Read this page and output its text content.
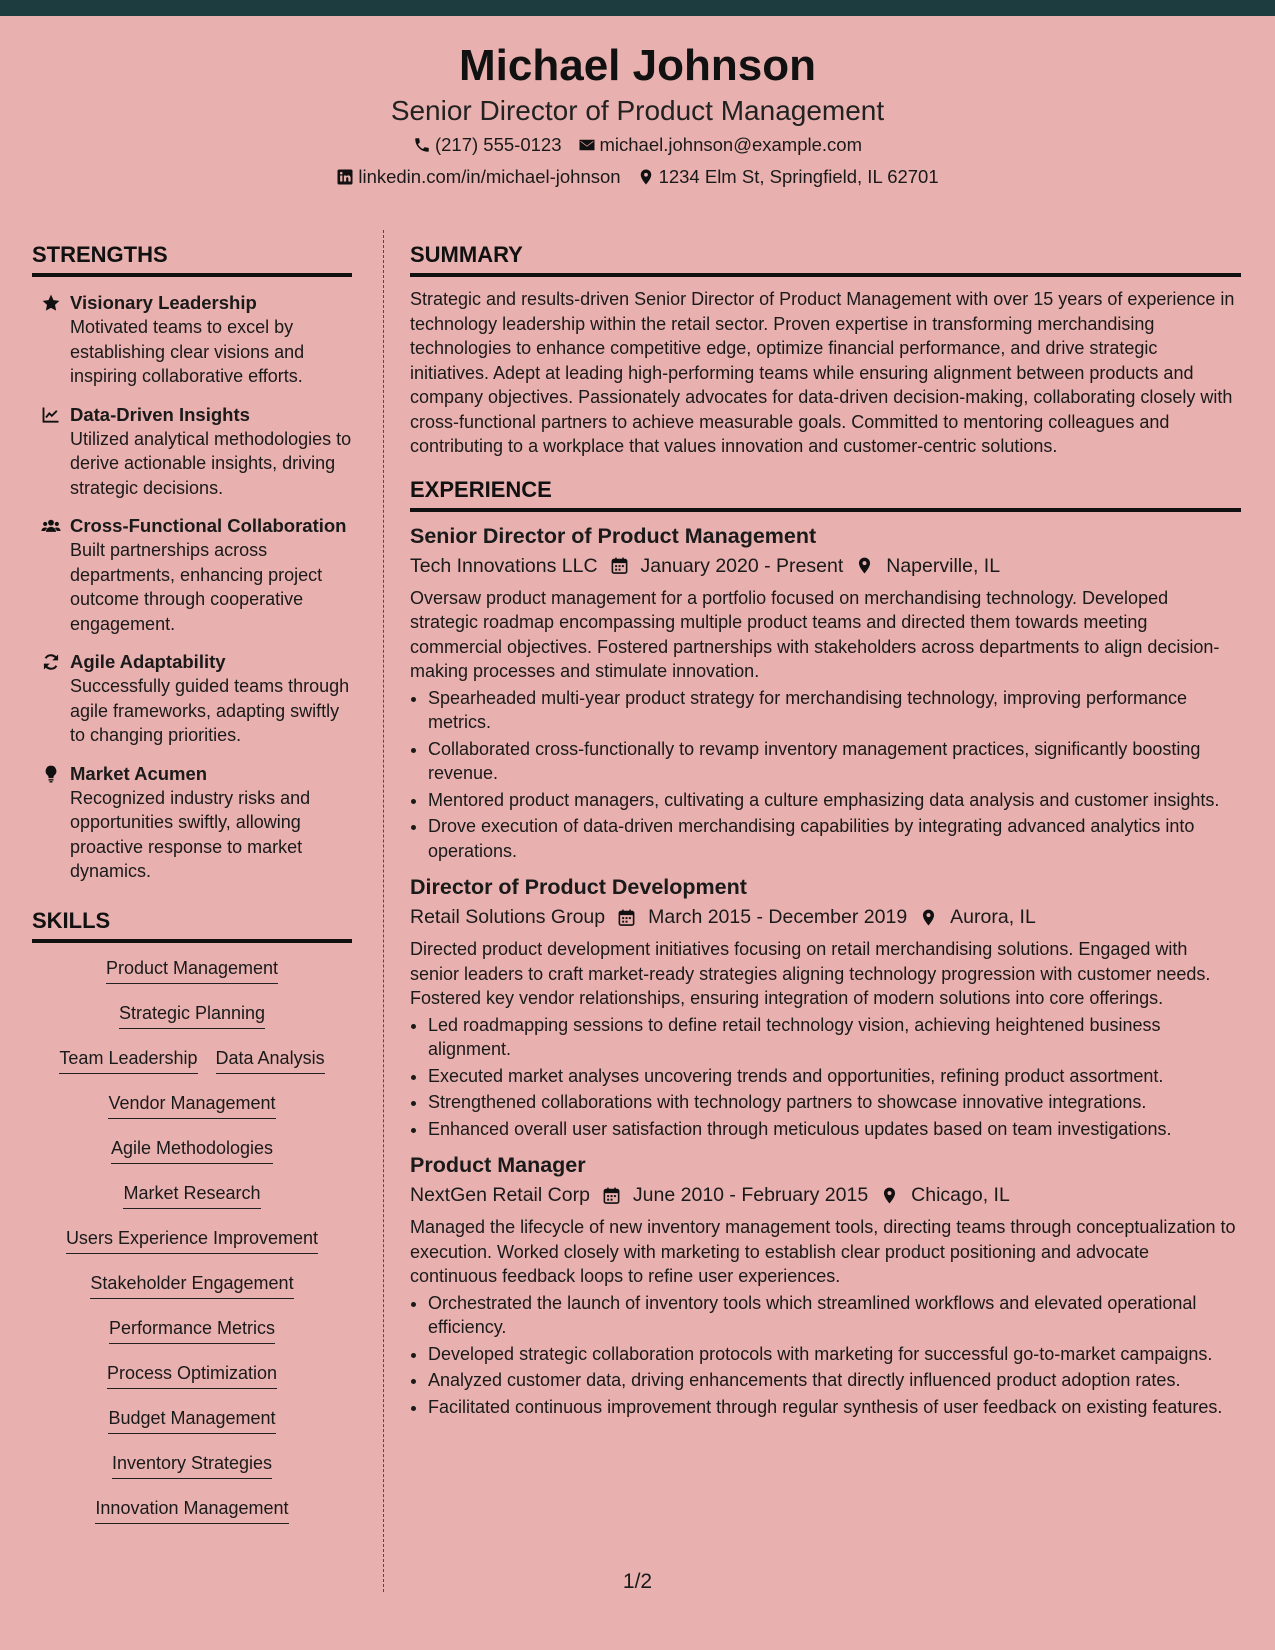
Michael Johnson
Senior Director of Product Management
(217) 555-0123 michael.johnson@example.com
linkedin.com/in/michael-johnson 1234 Elm St, Springfield, IL 62701
STRENGTHS
Visionary Leadership
Motivated teams to excel by establishing clear visions and inspiring collaborative efforts.
Data-Driven Insights
Utilized analytical methodologies to derive actionable insights, driving strategic decisions.
Cross-Functional Collaboration
Built partnerships across departments, enhancing project outcome through cooperative engagement.
Agile Adaptability
Successfully guided teams through agile frameworks, adapting swiftly to changing priorities.
Market Acumen
Recognized industry risks and opportunities swiftly, allowing proactive response to market dynamics.
SKILLS
Product Management
Strategic Planning
Team Leadership Data Analysis
Vendor Management
Agile Methodologies
Market Research
Users Experience Improvement
Stakeholder Engagement
Performance Metrics
Process Optimization
Budget Management
Inventory Strategies
Innovation Management
SUMMARY
Strategic and results-driven Senior Director of Product Management with over 15 years of experience in technology leadership within the retail sector. Proven expertise in transforming merchandising technologies to enhance competitive edge, optimize financial performance, and drive strategic initiatives. Adept at leading high-performing teams while ensuring alignment between products and company objectives. Passionately advocates for data-driven decision-making, collaborating closely with cross-functional partners to achieve measurable goals. Committed to mentoring colleagues and contributing to a workplace that values innovation and customer-centric solutions.
EXPERIENCE
Senior Director of Product Management
Tech Innovations LLC January 2020 - Present Naperville, IL
Oversaw product management for a portfolio focused on merchandising technology. Developed strategic roadmap encompassing multiple product teams and directed them towards meeting commercial objectives. Fostered partnerships with stakeholders across departments to align decision-making processes and stimulate innovation.
• Spearheaded multi-year product strategy for merchandising technology, improving performance metrics.
• Collaborated cross-functionally to revamp inventory management practices, significantly boosting revenue.
• Mentored product managers, cultivating a culture emphasizing data analysis and customer insights.
• Drove execution of data-driven merchandising capabilities by integrating advanced analytics into operations.
Director of Product Development
Retail Solutions Group March 2015 - December 2019 Aurora, IL
Directed product development initiatives focusing on retail merchandising solutions. Engaged with senior leaders to craft market-ready strategies aligning technology progression with customer needs. Fostered key vendor relationships, ensuring integration of modern solutions into core offerings.
• Led roadmapping sessions to define retail technology vision, achieving heightened business alignment.
• Executed market analyses uncovering trends and opportunities, refining product assortment.
• Strengthened collaborations with technology partners to showcase innovative integrations.
• Enhanced overall user satisfaction through meticulous updates based on team investigations.
Product Manager
NextGen Retail Corp June 2010 - February 2015 Chicago, IL
Managed the lifecycle of new inventory management tools, directing teams through conceptualization to execution. Worked closely with marketing to establish clear product positioning and advocate continuous feedback loops to refine user experiences.
• Orchestrated the launch of inventory tools which streamlined workflows and elevated operational efficiency.
• Developed strategic collaboration protocols with marketing for successful go-to-market campaigns.
• Analyzed customer data, driving enhancements that directly influenced product adoption rates.
• Facilitated continuous improvement through regular synthesis of user feedback on existing features.
1/2
